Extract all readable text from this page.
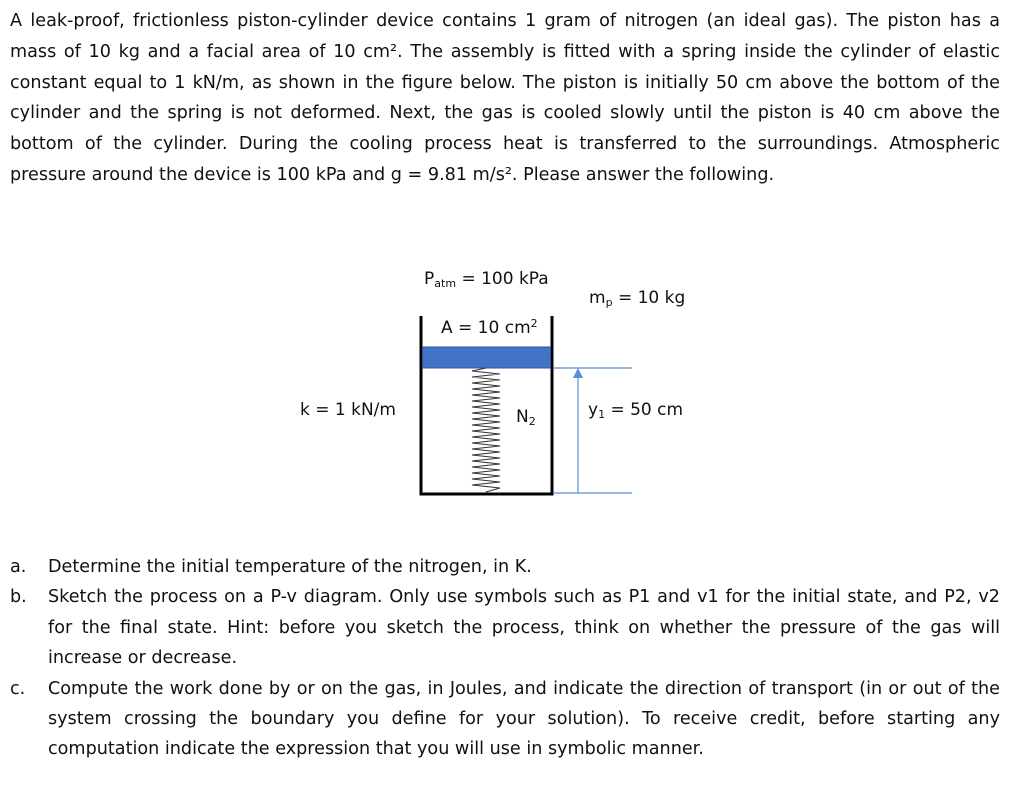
A leak-proof, frictionless piston-cylinder device contains 1 gram of nitrogen (an ideal gas). The piston has a mass of 10 kg and a facial area of 10 cm². The assembly is fitted with a spring inside the cylinder of elastic constant equal to 1 kN/m, as shown in the figure below. The piston is initially 50 cm above the bottom of the cylinder and the spring is not deformed. Next, the gas is cooled slowly until the piston is 40 cm above the bottom of the cylinder. During the cooling process heat is transferred to the surroundings. Atmospheric pressure around the device is 100 kPa and g = 9.81 m/s². Please answer the following.

$P_{atm} = 100$ kPa
$m_p = 10$ kg
A = 10 $cm^2$
k = 1 kN/m	$N_2$
$y_1 = 50$ cm
a. Determine the initial temperature of the nitrogen, in K.
b. Sketch the process on a P-v diagram. Only use symbols such as P1 and v1 for the initial state, and P2, v2 for the final state. Hint: before you sketch the process, think on whether the pressure of the gas will increase or decrease.
c. Compute the work done by or on the gas, in Joules, and indicate the direction of transport (in or out of the system crossing the boundary you define for your solution). To receive credit, before starting any computation indicate the expression that you will use in symbolic manner.
